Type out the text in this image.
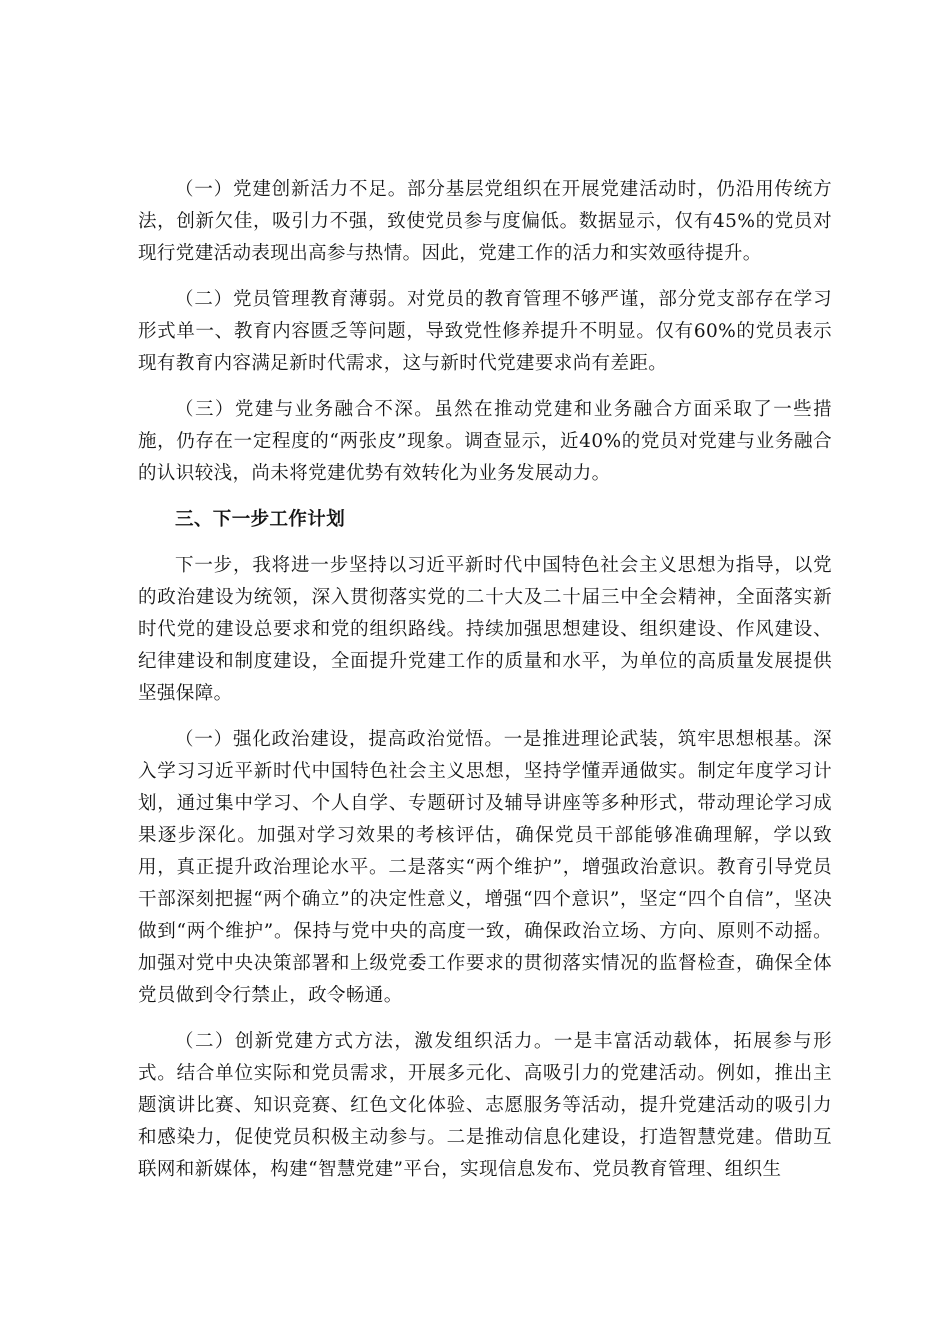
（一）党建创新活力不足。部分基层党组织在开展党建活动时，仍沿用传统方法，创新欠佳，吸引力不强，致使党员参与度偏低。数据显示，仅有45%的党员对现行党建活动表现出高参与热情。因此，党建工作的活力和实效亟待提升。

（二）党员管理教育薄弱。对党员的教育管理不够严谨，部分党支部存在学习形式单一、教育内容匮乏等问题，导致党性修养提升不明显。仅有60%的党员表示现有教育内容满足新时代需求，这与新时代党建要求尚有差距。

（三）党建与业务融合不深。虽然在推动党建和业务融合方面采取了一些措施，仍存在一定程度的“两张皮”现象。调查显示，近40%的党员对党建与业务融合的认识较浅，尚未将党建优势有效转化为业务发展动力。

三、下一步工作计划

下一步，我将进一步坚持以习近平新时代中国特色社会主义思想为指导，以党的政治建设为统领，深入贯彻落实党的二十大及二十届三中全会精神，全面落实新时代党的建设总要求和党的组织路线。持续加强思想建设、组织建设、作风建设、纪律建设和制度建设，全面提升党建工作的质量和水平，为单位的高质量发展提供坚强保障。

（一）强化政治建设，提高政治觉悟。一是推进理论武装，筑牢思想根基。深入学习习近平新时代中国特色社会主义思想，坚持学懂弄通做实。制定年度学习计划，通过集中学习、个人自学、专题研讨及辅导讲座等多种形式，带动理论学习成果逐步深化。加强对学习效果的考核评估，确保党员干部能够准确理解，学以致用，真正提升政治理论水平。二是落实“两个维护”，增强政治意识。教育引导党员干部深刻把握“两个确立”的决定性意义，增强“四个意识”，坚定“四个自信”，坚决做到“两个维护”。保持与党中央的高度一致，确保政治立场、方向、原则不动摇。加强对党中央决策部署和上级党委工作要求的贯彻落实情况的监督检查，确保全体党员做到令行禁止，政令畅通。

（二）创新党建方式方法，激发组织活力。一是丰富活动载体，拓展参与形式。结合单位实际和党员需求，开展多元化、高吸引力的党建活动。例如，推出主题演讲比赛、知识竞赛、红色文化体验、志愿服务等活动，提升党建活动的吸引力和感染力，促使党员积极主动参与。二是推动信息化建设，打造智慧党建。借助互联网和新媒体，构建“智慧党建”平台，实现信息发布、党员教育管理、组织生
